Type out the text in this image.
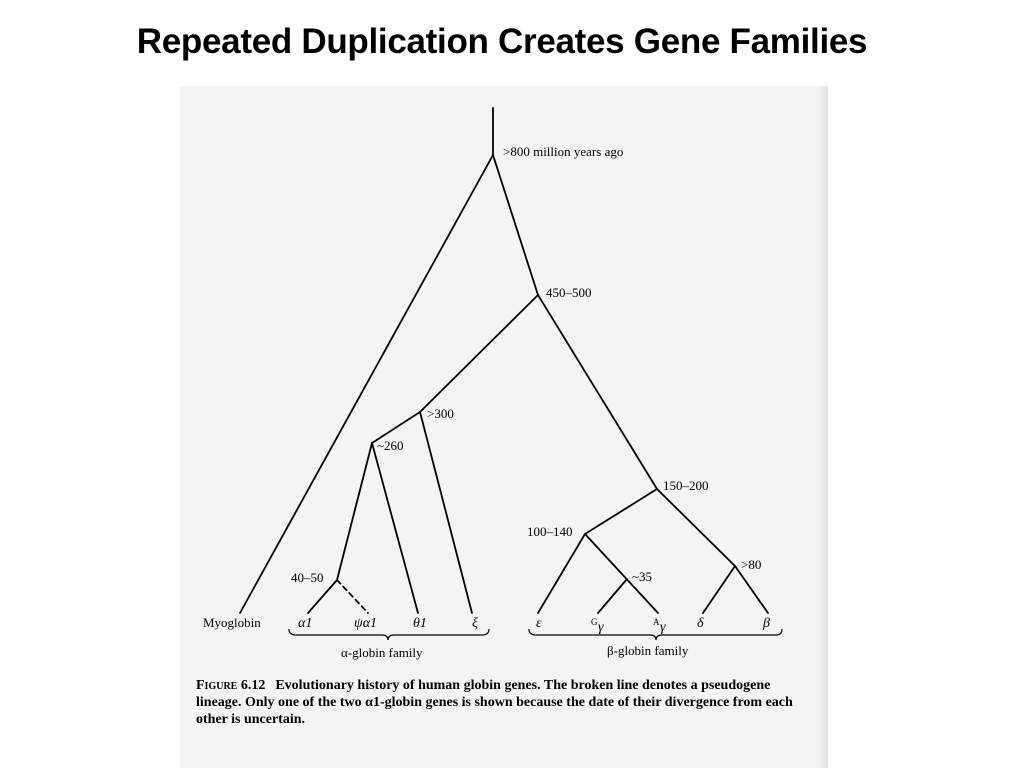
Repeated Duplication Creates Gene Families
>800 million years ago
450–500
>300
~260
40–50
150–200
100–140
~35
>80
Myoglobin	α1	ψα1	θ1	ξ	ε	G γ	A γ δ	β
α-globin family	β-globin family
Figure 6.12 Evolutionary history of human globin genes. The broken line denotes a pseudogene lineage. Only one of the two α1-globin genes is shown because the date of their divergence from each other is uncertain.
